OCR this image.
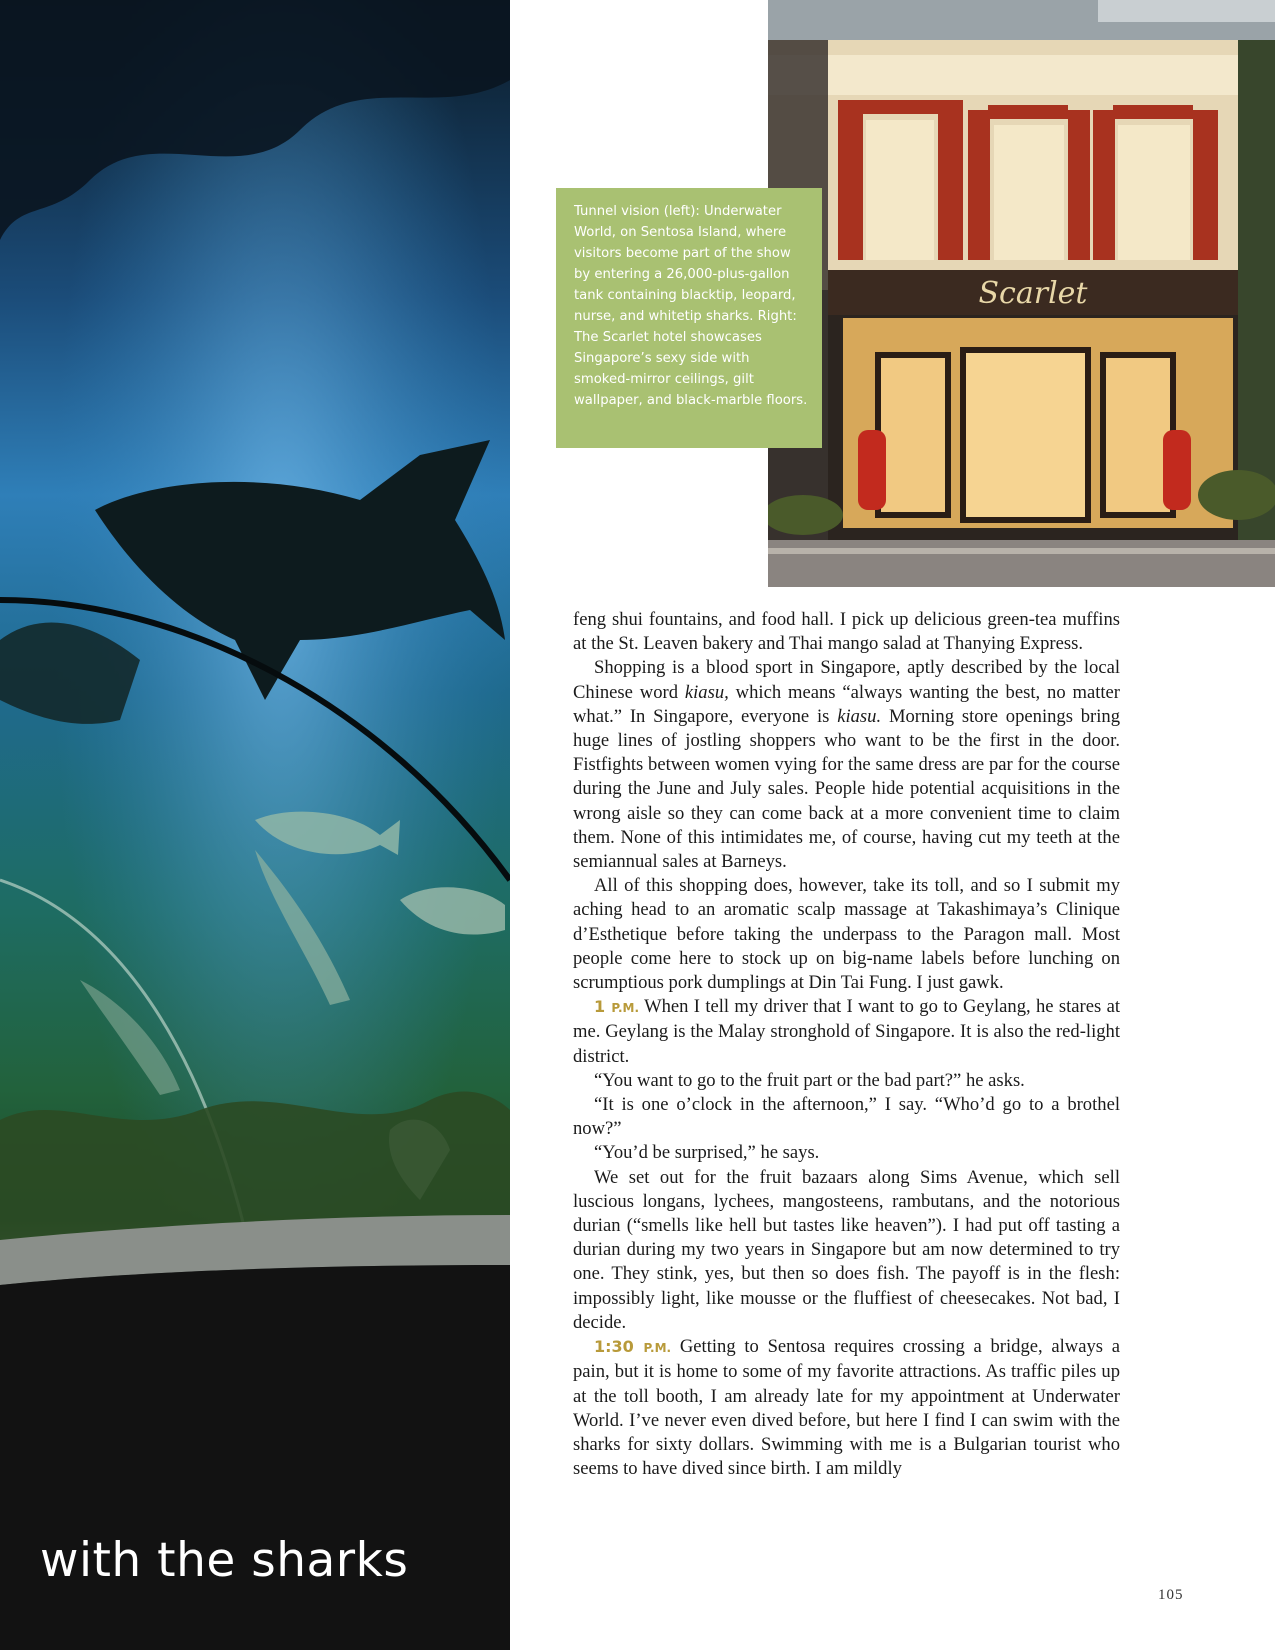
with the sharks
Scarlet
Tunnel vision (left): Underwater World, on Sentosa Island, where visitors become part of the show by entering a 26,000-plus-gallon tank containing blacktip, leopard, nurse, and whitetip sharks. Right: The Scarlet hotel showcases Singapore’s sexy side with smoked-mirror ceilings, gilt wallpaper, and black-marble floors.

feng shui fountains, and food hall. I pick up delicious green-tea muffins at the St. Leaven bakery and Thai mango salad at Thanying Express.

Shopping is a blood sport in Singapore, aptly described by the local Chinese word kiasu, which means “always wanting the best, no matter what.” In Singapore, everyone is kiasu. Morning store openings bring huge lines of jostling shoppers who want to be the first in the door. Fistfights between women vying for the same dress are par for the course during the June and July sales. People hide potential acquisitions in the wrong aisle so they can come back at a more convenient time to claim them. None of this intimidates me, of course, having cut my teeth at the semiannual sales at Barneys.

All of this shopping does, however, take its toll, and so I submit my aching head to an aromatic scalp massage at Takashimaya’s Clinique d’Esthetique before taking the underpass to the Paragon mall. Most people come here to stock up on big-name labels before lunching on scrumptious pork dumplings at Din Tai Fung. I just gawk.

1 P.M. When I tell my driver that I want to go to Geylang, he stares at me. Geylang is the Malay stronghold of Singapore. It is also the red-light district.

“You want to go to the fruit part or the bad part?” he asks.

“It is one o’clock in the afternoon,” I say. “Who’d go to a brothel now?”

“You’d be surprised,” he says.

We set out for the fruit bazaars along Sims Avenue, which sell luscious longans, lychees, mangosteens, rambutans, and the notorious durian (“smells like hell but tastes like heaven”). I had put off tasting a durian during my two years in Singapore but am now determined to try one. They stink, yes, but then so does fish. The payoff is in the flesh: impossibly light, like mousse or the fluffiest of cheesecakes. Not bad, I decide.

1:30 P.M. Getting to Sentosa requires crossing a bridge, always a pain, but it is home to some of my favorite attractions. As traffic piles up at the toll booth, I am already late for my appointment at Underwater World. I’ve never even dived before, but here I find I can swim with the sharks for sixty dollars. Swimming with me is a Bulgarian tourist who seems to have dived since birth. I am mildly

105
